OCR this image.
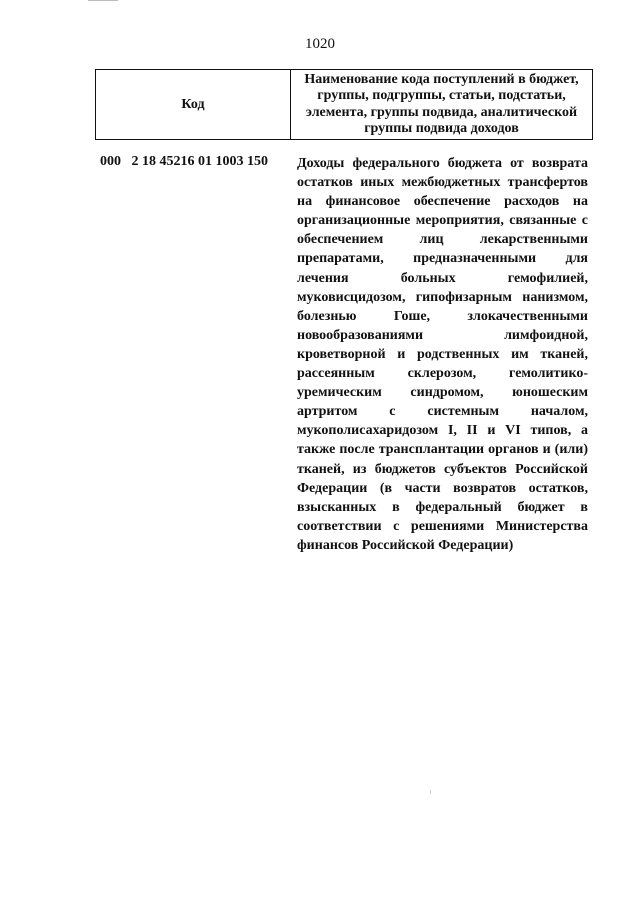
1020
Код
Наименование кода поступлений в бюджет, группы, подгруппы, статьи, подстатьи, элемента, группы подвида, аналитической группы подвида доходов
000   2 18 45216 01 1003 150 Доходы федерального бюджета от возврата остатков иных межбюджетных трансфертов на финансовое обеспечение расходов на организационные мероприятия, связанные с обеспечением лиц лекарственными препаратами, предназначенными для лечения больных гемофилией, муковисцидозом, гипофизарным нанизмом, болезнью Гоше, злокачественными новообразованиями лимфоидной, кроветворной и родственных им тканей, рассеянным склерозом, гемолитико-уремическим синдромом, юношеским артритом с системным началом, мукополисахаридозом I, II и VI типов, а также после трансплантации органов и (или) тканей, из бюджетов субъектов Российской Федерации (в части возвратов остатков, взысканных в федеральный бюджет в соответствии с решениями Министерства финансов Российской Федерации)
